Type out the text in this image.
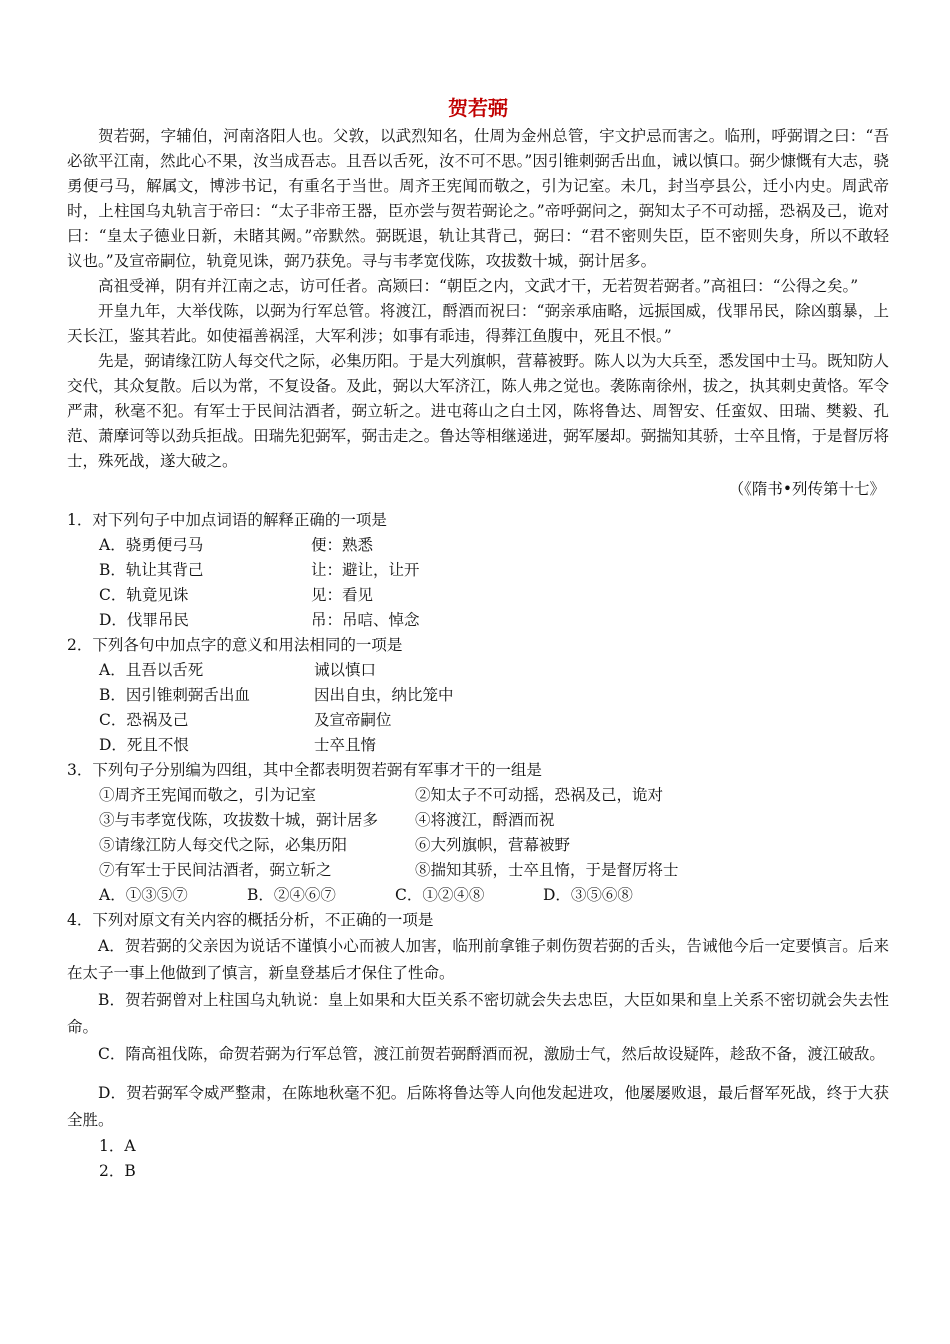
贺若弼

贺若弼，字辅伯，河南洛阳人也。父敦，以武烈知名，仕周为金州总管，宇文护忌而害之。临刑，呼弼谓之曰：“吾必欲平江南，然此心不果，汝当成吾志。且吾以舌死，汝不可不思。”因引锥刺弼舌出血，诫以慎口。弼少慷慨有大志，骁勇便弓马，解属文，博涉书记，有重名于当世。周齐王宪闻而敬之，引为记室。未几，封当亭县公，迁小内史。周武帝时，上柱国乌丸轨言于帝曰：“太子非帝王器，臣亦尝与贺若弼论之。”帝呼弼问之，弼知太子不可动摇，恐祸及己，诡对曰：“皇太子德业日新，未睹其阙。”帝默然。弼既退，轨让其背己，弼曰：“君不密则失臣，臣不密则失身，所以不敢轻议也。”及宣帝嗣位，轨竟见诛，弼乃获免。寻与韦孝宽伐陈，攻拔数十城，弼计居多。

高祖受禅，阴有并江南之志，访可任者。高颎曰：“朝臣之内，文武才干，无若贺若弼者。”高祖曰：“公得之矣。”

开皇九年，大举伐陈，以弼为行军总管。将渡江，酹酒而祝曰：“弼亲承庙略，远振国威，伐罪吊民，除凶翦暴，上天长江，鉴其若此。如使福善祸淫，大军利涉；如事有乖违，得葬江鱼腹中，死且不恨。”

先是，弼请缘江防人每交代之际，必集历阳。于是大列旗帜，营幕被野。陈人以为大兵至，悉发国中士马。既知防人交代，其众复散。后以为常，不复设备。及此，弼以大军济江，陈人弗之觉也。袭陈南徐州，拔之，执其刺史黄恪。军令严肃，秋毫不犯。有军士于民间沽酒者，弼立斩之。进屯蒋山之白土冈，陈将鲁达、周智安、任蛮奴、田瑞、樊毅、孔范、萧摩诃等以劲兵拒战。田瑞先犯弼军，弼击走之。鲁达等相继递进，弼军屡却。弼揣知其骄，士卒且惰，于是督厉将士，殊死战，遂大破之。

（《隋书•列传第十七》

1．对下列句子中加点词语的解释正确的一项是

A．骁勇便弓马	便：熟悉
B．轨让其背己	让：避让，让开
C．轨竟见诛	见：看见
D．伐罪吊民	吊：吊唁、悼念

2．下列各句中加点字的意义和用法相同的一项是

A．且吾以舌死	诫以慎口
B．因引锥刺弼舌出血	因出自虫，纳比笼中
C．恐祸及己	及宣帝嗣位
D．死且不恨	士卒且惰

3．下列句子分别编为四组，其中全都表明贺若弼有军事才干的一组是

①周齐王宪闻而敬之，引为记室	②知太子不可动摇，恐祸及己，诡对
③与韦孝宽伐陈，攻拔数十城，弼计居多	④将渡江，酹酒而祝
⑤请缘江防人每交代之际，必集历阳	⑥大列旗帜，营幕被野
⑦有军士于民间沽酒者，弼立斩之	⑧揣知其骄，士卒且惰，于是督厉将士
A．①③⑤⑦	B．②④⑥⑦	C．①②④⑧	D．③⑤⑥⑧

4．下列对原文有关内容的概括分析，不正确的一项是

A．贺若弼的父亲因为说话不谨慎小心而被人加害，临刑前拿锥子刺伤贺若弼的舌头，告诫他今后一定要慎言。后来在太子一事上他做到了慎言，新皇登基后才保住了性命。

B．贺若弼曾对上柱国乌丸轨说：皇上如果和大臣关系不密切就会失去忠臣，大臣如果和皇上关系不密切就会失去性命。

C．隋高祖伐陈，命贺若弼为行军总管，渡江前贺若弼酹酒而祝，激励士气，然后故设疑阵，趁敌不备，渡江破敌。

D．贺若弼军令威严整肃，在陈地秋毫不犯。后陈将鲁达等人向他发起进攻，他屡屡败退，最后督军死战，终于大获全胜。

1．A

2．B
